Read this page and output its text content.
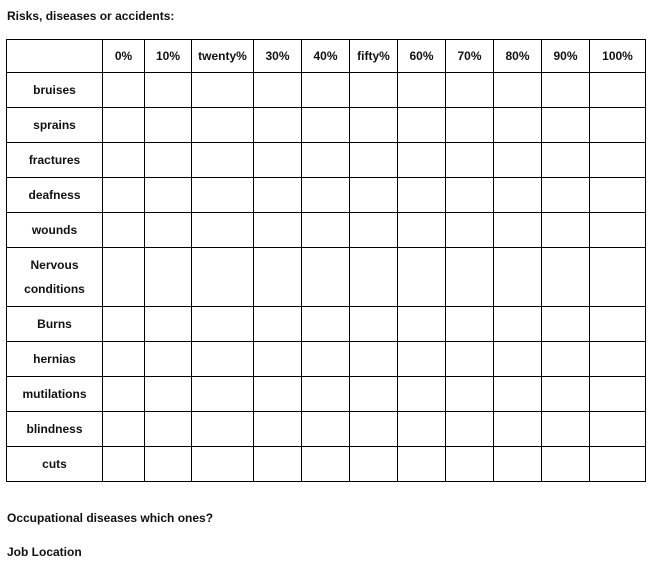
Risks, diseases or accidents:
	0%	10%	twenty%	30%	40%	fifty%	60%	70%	80%	90%	100%
bruises											
sprains											
fractures											
deafness											
wounds											
Nervous conditions											
Burns											
hernias											
mutilations											
blindness											
cuts											
Occupational diseases which ones?
Job Location
